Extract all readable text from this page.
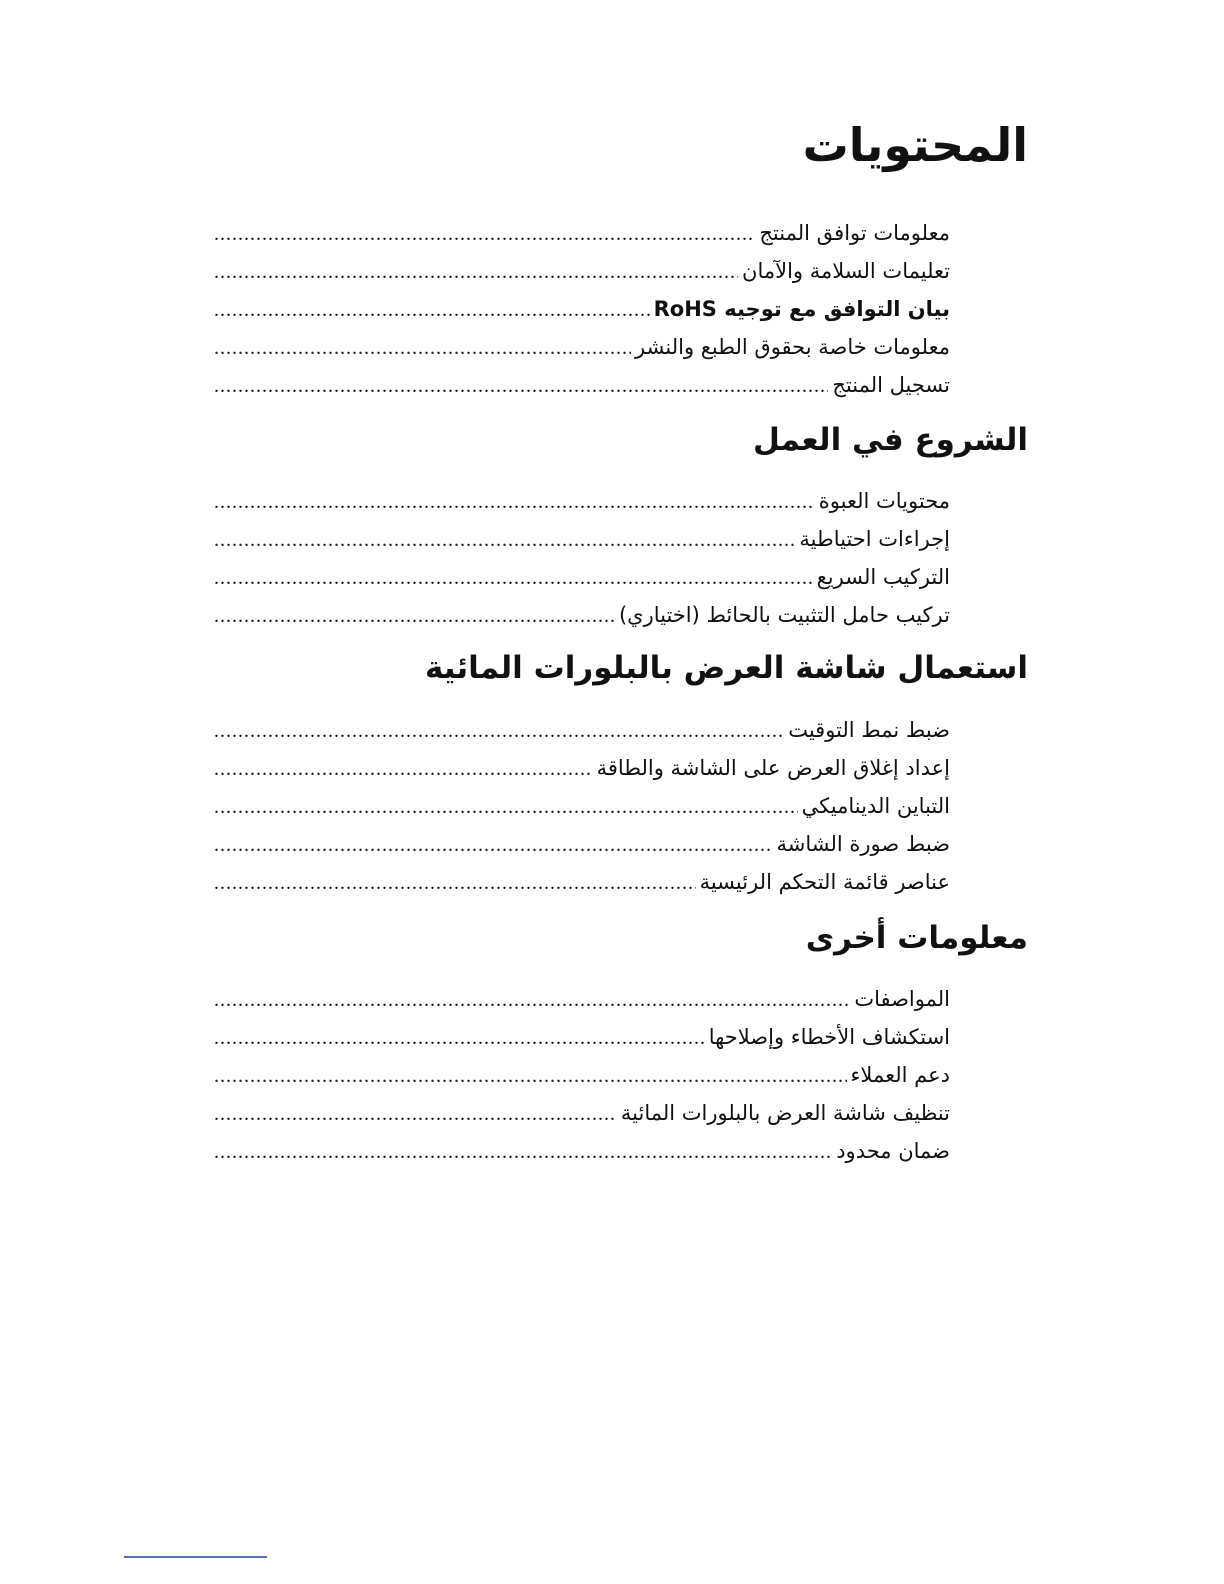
المحتويات
معلومات توافق المنتج
.....
تعليمات السلامة والآمان
.....
بيان التوافق مع توجيه RoHS
.....
معلومات خاصة بحقوق الطبع والنشر
.....
تسجيل المنتج
.....
الشروع في العمل
محتويات العبوة
.....
إجراءات احتياطية
.....
التركيب السريع
.....
تركيب حامل التثبيت بالحائط (اختياري)
.....
استعمال شاشة العرض بالبلورات المائية
ضبط نمط التوقيت
.....
إعداد إغلاق العرض على الشاشة والطاقة
.....
التباين الديناميكي
.....
ضبط صورة الشاشة
.....
عناصر قائمة التحكم الرئيسية
.....
معلومات أخرى
المواصفات
.....
استكشاف الأخطاء وإصلاحها
.....
دعم العملاء
.....
تنظيف شاشة العرض بالبلورات المائية
.....
ضمان محدود
.....
